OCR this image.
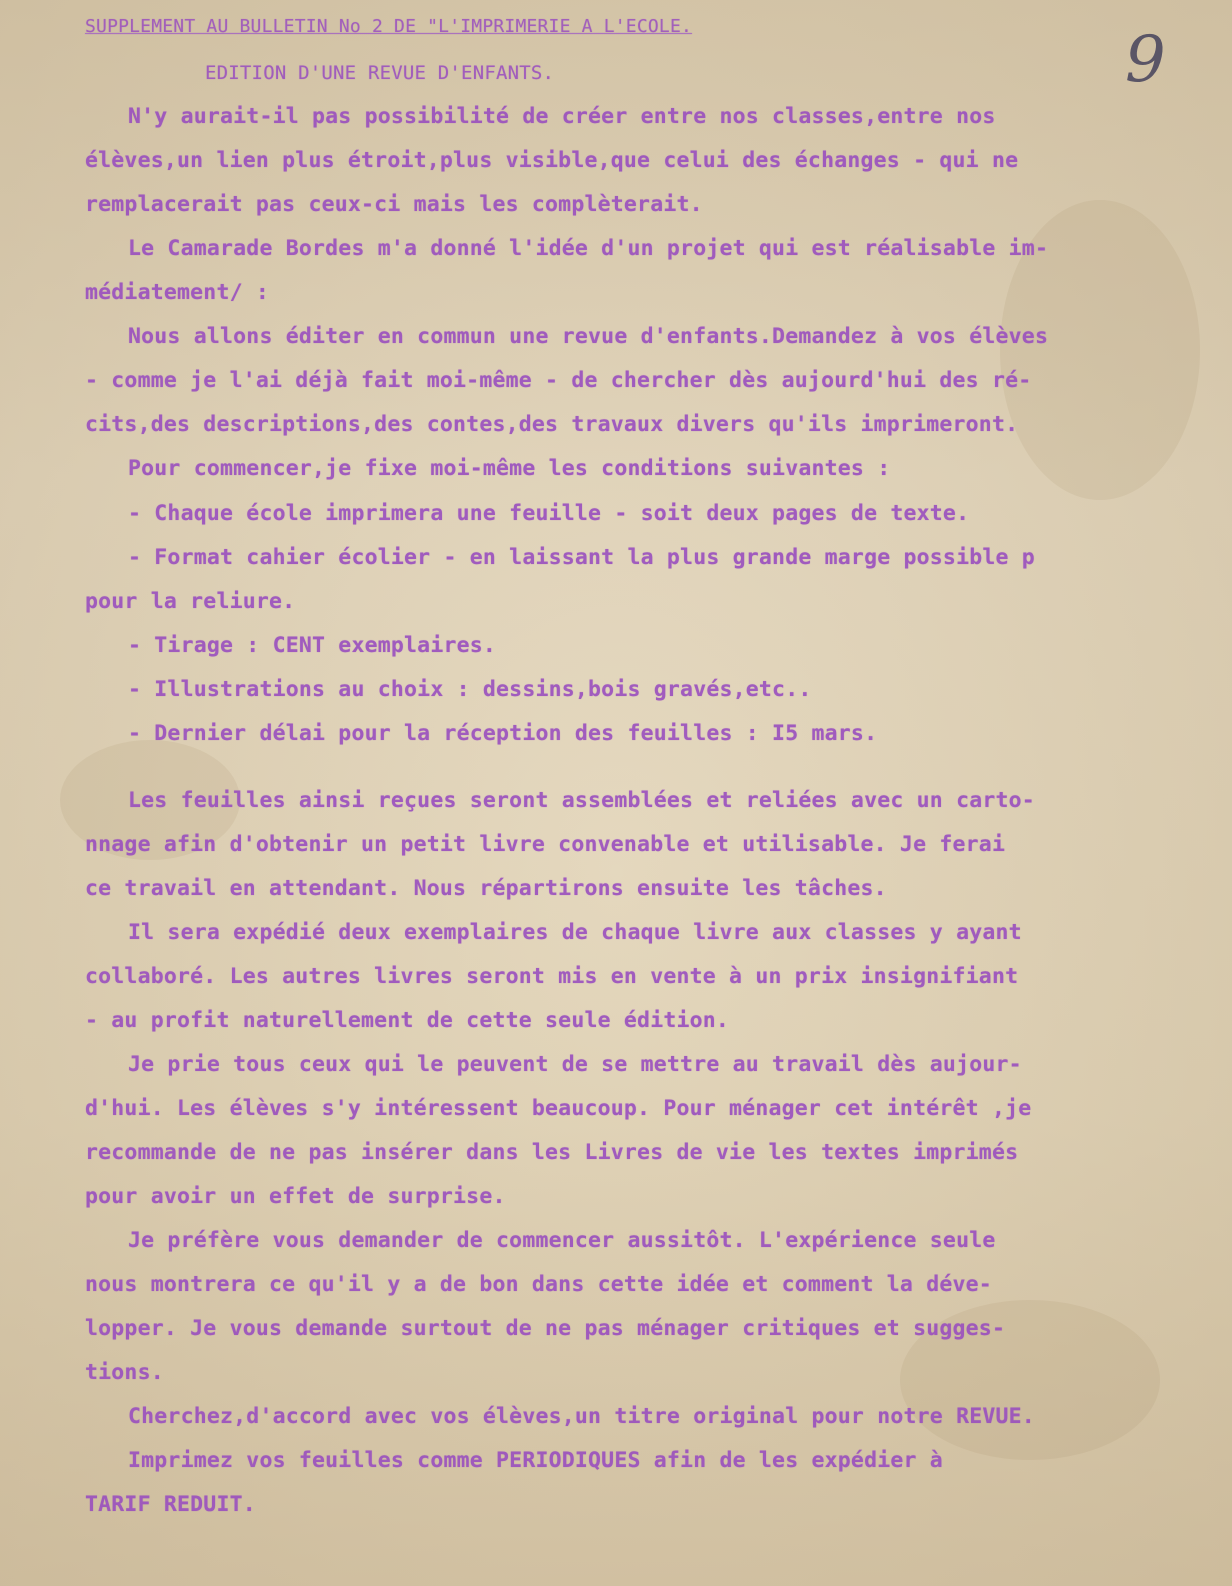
9
SUPPLEMENT AU BULLETIN No 2 DE "L'IMPRIMERIE A L'ECOLE.
EDITION D'UNE REVUE D'ENFANTS.
N'y aurait-il pas possibilité de créer entre nos classes,entre nos
élèves,un lien plus étroit,plus visible,que celui des échanges - qui ne
remplacerait pas ceux-ci mais les complèterait.
Le Camarade Bordes m'a donné l'idée d'un projet qui est réalisable im-
médiatement/ :
Nous allons éditer en commun une revue d'enfants.Demandez à vos élèves
- comme je l'ai déjà fait moi-même - de chercher dès aujourd'hui des ré-
cits,des descriptions,des contes,des travaux divers qu'ils imprimeront.
Pour commencer,je fixe moi-même les conditions suivantes :
- Chaque école imprimera une feuille - soit deux pages de texte.
- Format cahier écolier - en laissant la plus grande marge possible p
pour la reliure.
- Tirage : CENT exemplaires.
- Illustrations au choix : dessins,bois gravés,etc..
- Dernier délai pour la réception des feuilles : I5 mars.
Les feuilles ainsi reçues seront assemblées et reliées avec un carto-
nnage afin d'obtenir un petit livre convenable et utilisable. Je ferai
ce travail en attendant. Nous répartirons ensuite les tâches.
Il sera expédié deux exemplaires de chaque livre aux classes y ayant
collaboré. Les autres livres seront mis en vente à un prix insignifiant
- au profit naturellement de cette seule édition.
Je prie tous ceux qui le peuvent de se mettre au travail dès aujour-
d'hui. Les élèves s'y intéressent beaucoup. Pour ménager cet intérêt ,je
recommande de ne pas insérer dans les Livres de vie les textes imprimés
pour avoir un effet de surprise.
Je préfère vous demander de commencer aussitôt. L'expérience seule
nous montrera ce qu'il y a de bon dans cette idée et comment la déve-
lopper. Je vous demande surtout de ne pas ménager critiques et sugges-
tions.
Cherchez,d'accord avec vos élèves,un titre original pour notre REVUE.
Imprimez vos feuilles comme PERIODIQUES afin de les expédier à
TARIF REDUIT.
